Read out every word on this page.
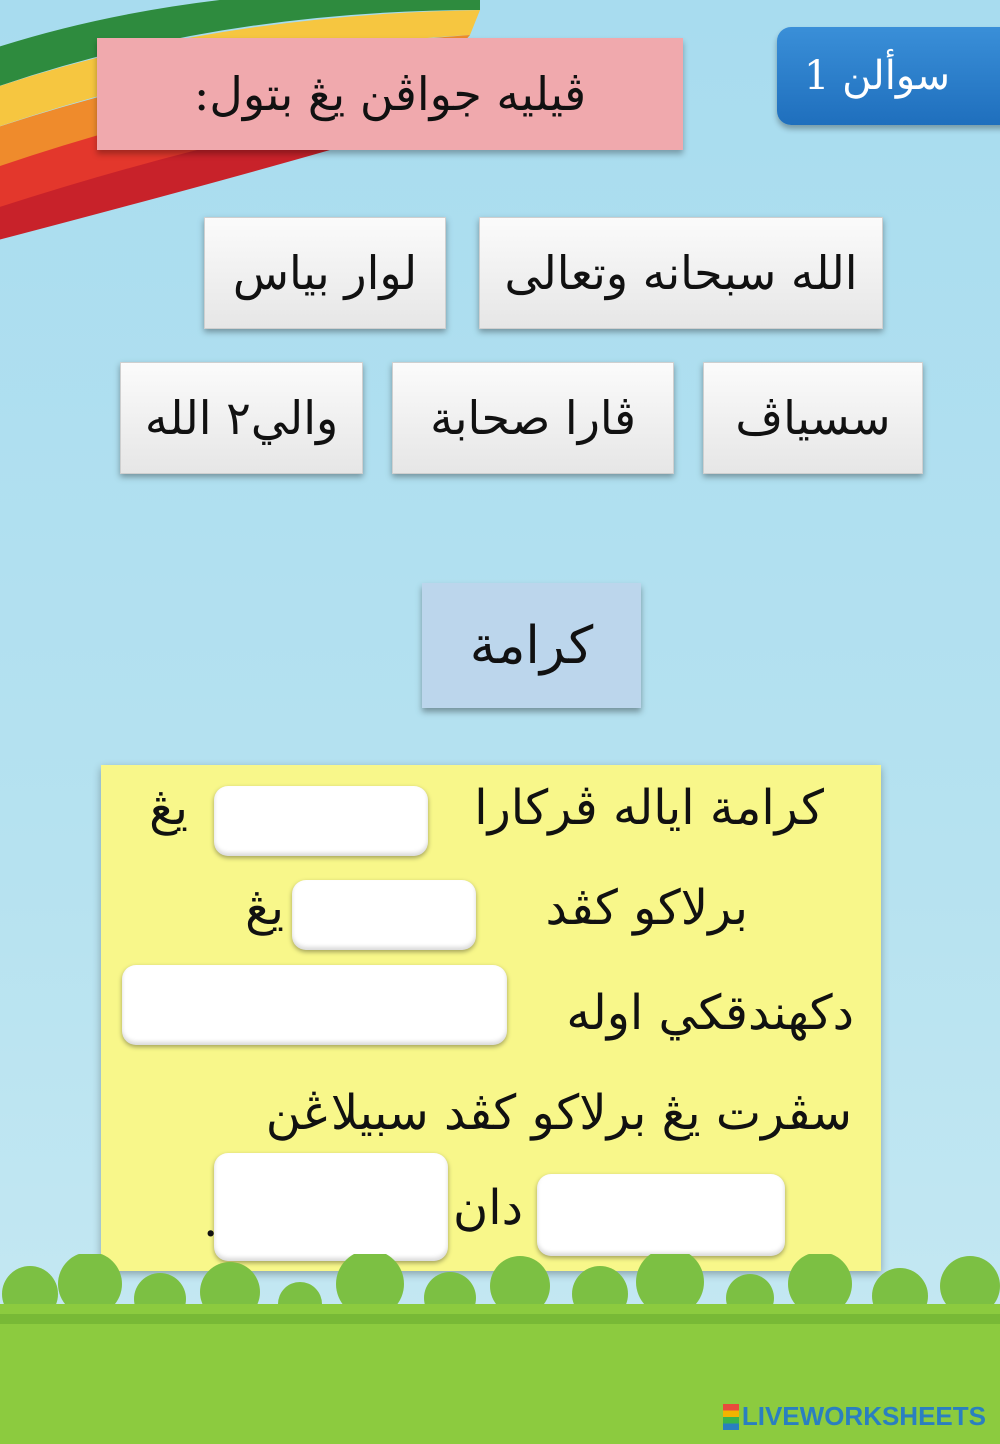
سوألن 1
ڤيليه جواڤن يڠ بتول:
الله سبحانه وتعالى
لوار بياس
سسياڤ
ڤارا صحابة
والي٢ الله
كرامة
كرامة اياله ڤركارا
يڠ
برلاكو كڤد
يڠ
دكهندقكي اوله
سڤرت يڠ برلاكو كڤد سبيلاڠن
دان
.
LIVEWORKSHEETS
